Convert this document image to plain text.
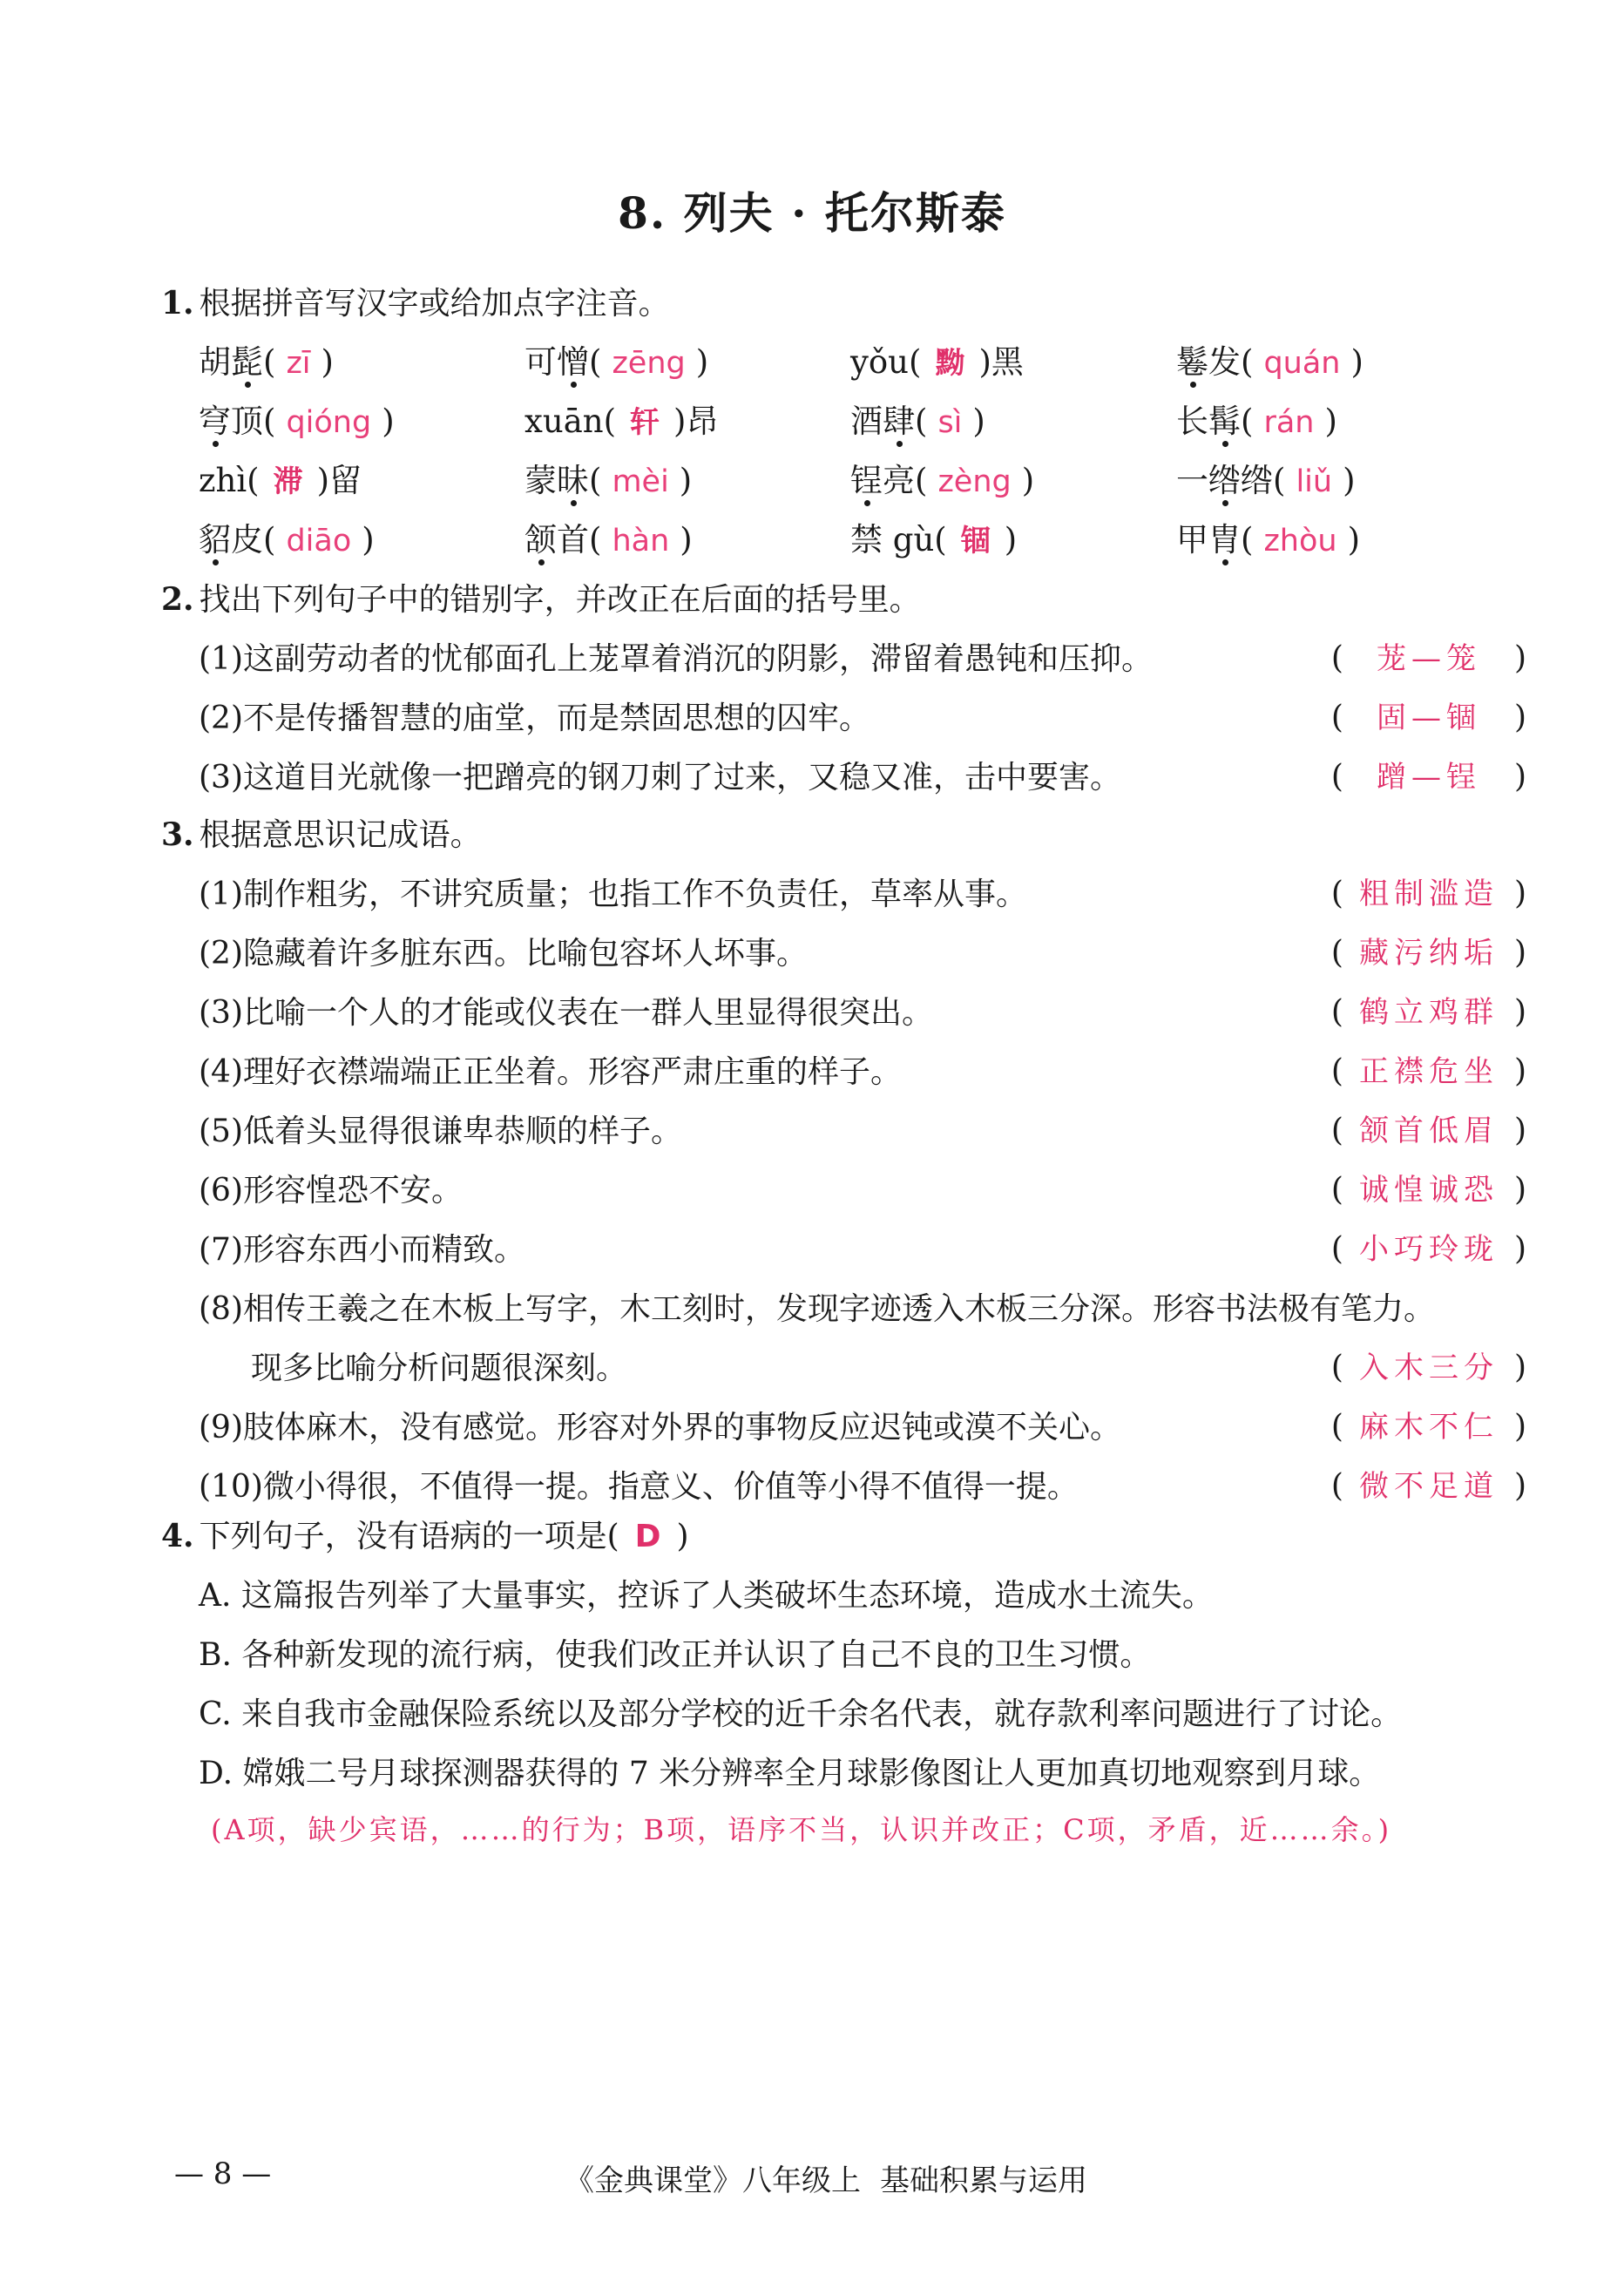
8. 列夫 · 托尔斯泰
1. 根据拼音写汉字或给加点字注音。
胡髭( zī )	可憎( zēng )	yǒu( 黝 )黑	鬈发( quán )
穹顶( qióng )	xuān( 轩 )昂	酒肆( sì )	长髯( rán )
zhì( 滞 )留	蒙昧( mèi )	锃亮( zèng )	一绺绺( liǔ )
貂皮( diāo )	颔首( hàn )	禁 gù( 锢 )	甲胄( zhòu )
2. 找出下列句子中的错别字，并改正在后面的括号里。
(1)这副劳动者的忧郁面孔上茏罩着消沉的阴影，滞留着愚钝和压抑。	( 茏—笼 )
(2)不是传播智慧的庙堂，而是禁固思想的囚牢。	( 固—锢 )
(3)这道目光就像一把蹭亮的钢刀刺了过来，又稳又准，击中要害。	( 蹭—锃 )
3. 根据意思识记成语。
(1)制作粗劣，不讲究质量；也指工作不负责任，草率从事。	( 粗制滥造 )
(2)隐藏着许多脏东西。比喻包容坏人坏事。	( 藏污纳垢 )
(3)比喻一个人的才能或仪表在一群人里显得很突出。	( 鹤立鸡群 )
(4)理好衣襟端端正正坐着。形容严肃庄重的样子。	( 正襟危坐 )
(5)低着头显得很谦卑恭顺的样子。	( 颔首低眉 )
(6)形容惶恐不安。	( 诚惶诚恐 )
(7)形容东西小而精致。	( 小巧玲珑 )
(8)相传王羲之在木板上写字，木工刻时，发现字迹透入木板三分深。形容书法极有笔力。
现多比喻分析问题很深刻。	( 入木三分 )
(9)肢体麻木，没有感觉。形容对外界的事物反应迟钝或漠不关心。	( 麻木不仁 )
(10)微小得很，不值得一提。指意义、价值等小得不值得一提。	( 微不足道 )
4. 下列句子，没有语病的一项是( D )
A. 这篇报告列举了大量事实，控诉了人类破坏生态环境，造成水土流失。
B. 各种新发现的流行病，使我们改正并认识了自己不良的卫生习惯。
C. 来自我市金融保险系统以及部分学校的近千余名代表，就存款利率问题进行了讨论。
D. 嫦娥二号月球探测器获得的 7 米分辨率全月球影像图让人更加真切地观察到月球。
(A项，缺少宾语，……的行为；B项，语序不当，认识并改正；C项，矛盾，近……余。)
— 8 —	《金典课堂》八年级上 基础积累与运用
